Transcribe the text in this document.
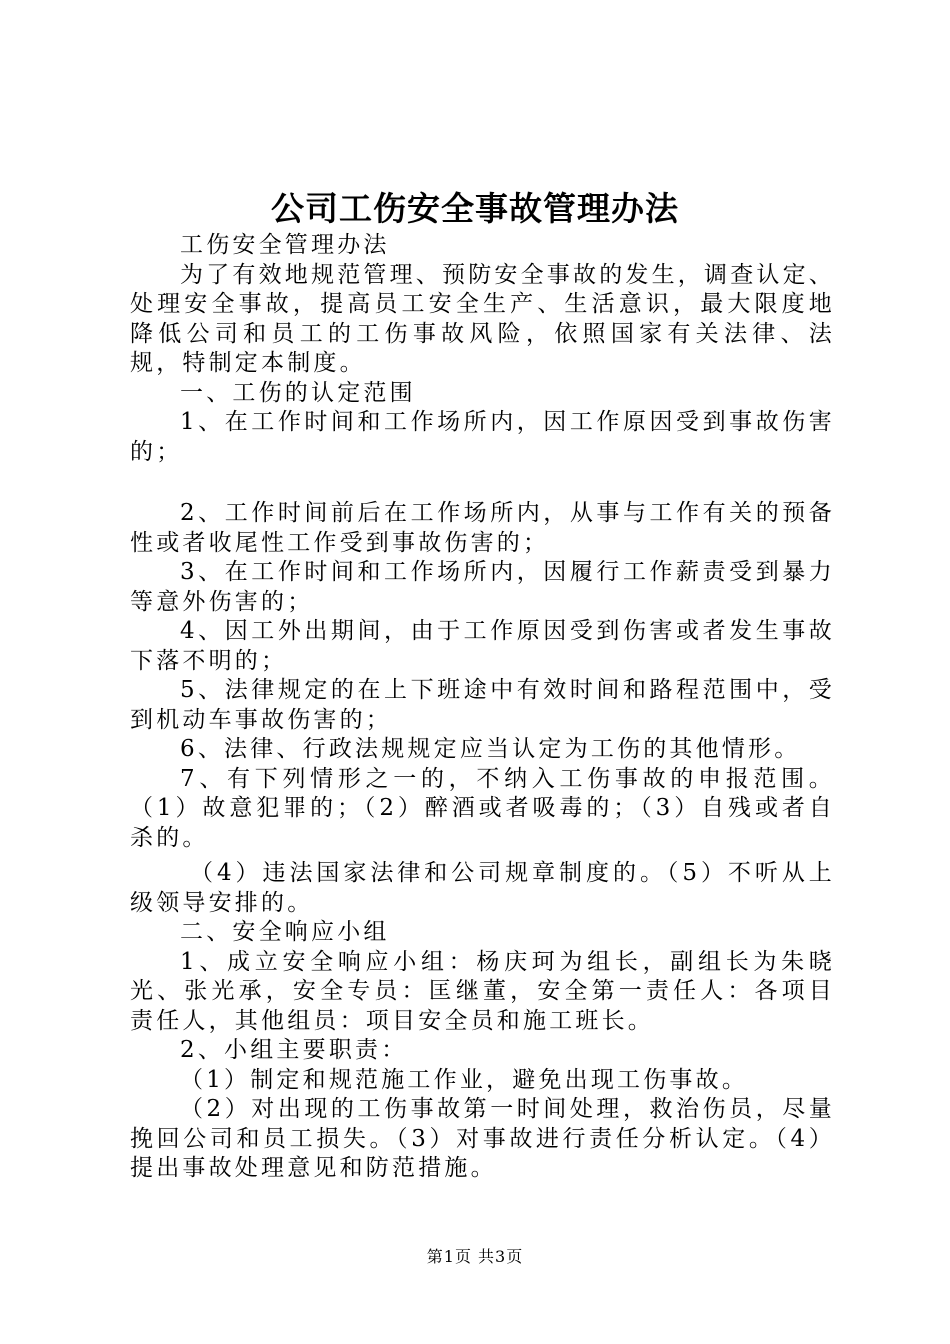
公司工伤安全事故管理办法

工伤安全管理办法

为了有效地规范管理、预防安全事故的发生，调查认定、处理安全事故，提高员工安全生产、生活意识，最大限度地降低公司和员工的工伤事故风险，依照国家有关法律、法规，特制定本制度。

一、工伤的认定范围

1、在工作时间和工作场所内，因工作原因受到事故伤害的；

2、工作时间前后在工作场所内，从事与工作有关的预备性或者收尾性工作受到事故伤害的；

3、在工作时间和工作场所内，因履行工作薪责受到暴力等意外伤害的；

4、因工外出期间，由于工作原因受到伤害或者发生事故下落不明的；

5、法律规定的在上下班途中有效时间和路程范围中，受到机动车事故伤害的；

6、法律、行政法规规定应当认定为工伤的其他情形。

7、有下列情形之一的，不纳入工伤事故的申报范围。（1）故意犯罪的；（2）醉酒或者吸毒的；（3）自残或者自杀的。

（4）违法国家法律和公司规章制度的。（5）不听从上级领导安排的。

二、安全响应小组

1、成立安全响应小组：杨庆珂为组长，副组长为朱晓光、张光承，安全专员：匡继董，安全第一责任人：各项目责任人，其他组员：项目安全员和施工班长。

2、小组主要职责：

（1）制定和规范施工作业，避免出现工伤事故。

（2）对出现的工伤事故第一时间处理，救治伤员，尽量挽回公司和员工损失。（3）对事故进行责任分析认定。（4）提出事故处理意见和防范措施。

第1页 共3页
